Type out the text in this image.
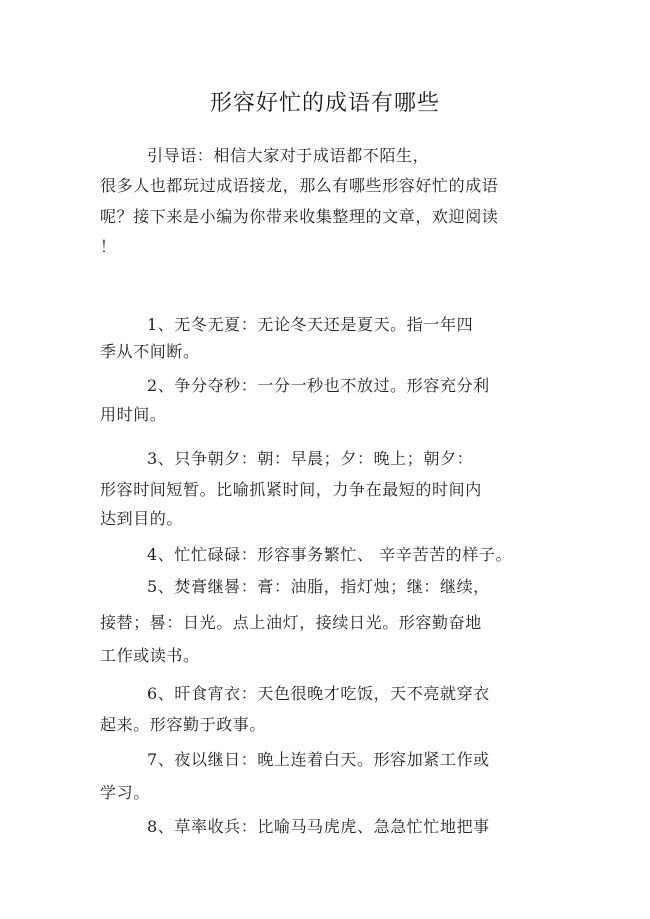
形容好忙的成语有哪些
引导语：相信大家对于成语都不陌生，
很多人也都玩过成语接龙，那么有哪些形容好忙的成语
呢？接下来是小编为你带来收集整理的文章，欢迎阅读
！
1、无冬无夏：无论冬天还是夏天。指一年四
季从不间断。
2、争分夺秒：一分一秒也不放过。形容充分利
用时间。
3、只争朝夕：朝：早晨；夕：晚上；朝夕：
形容时间短暂。比喻抓紧时间，力争在最短的时间内
达到目的。
4、忙忙碌碌：形容事务繁忙、 辛辛苦苦的样子。
5、焚膏继晷：膏：油脂，指灯烛；继：继续，
接替；晷：日光。点上油灯，接续日光。形容勤奋地
工作或读书。
6、旰食宵衣：天色很晚才吃饭，天不亮就穿衣
起来。形容勤于政事。
7、夜以继日：晚上连着白天。形容加紧工作或
学习。
8、草率收兵：比喻马马虎虎、急急忙忙地把事
